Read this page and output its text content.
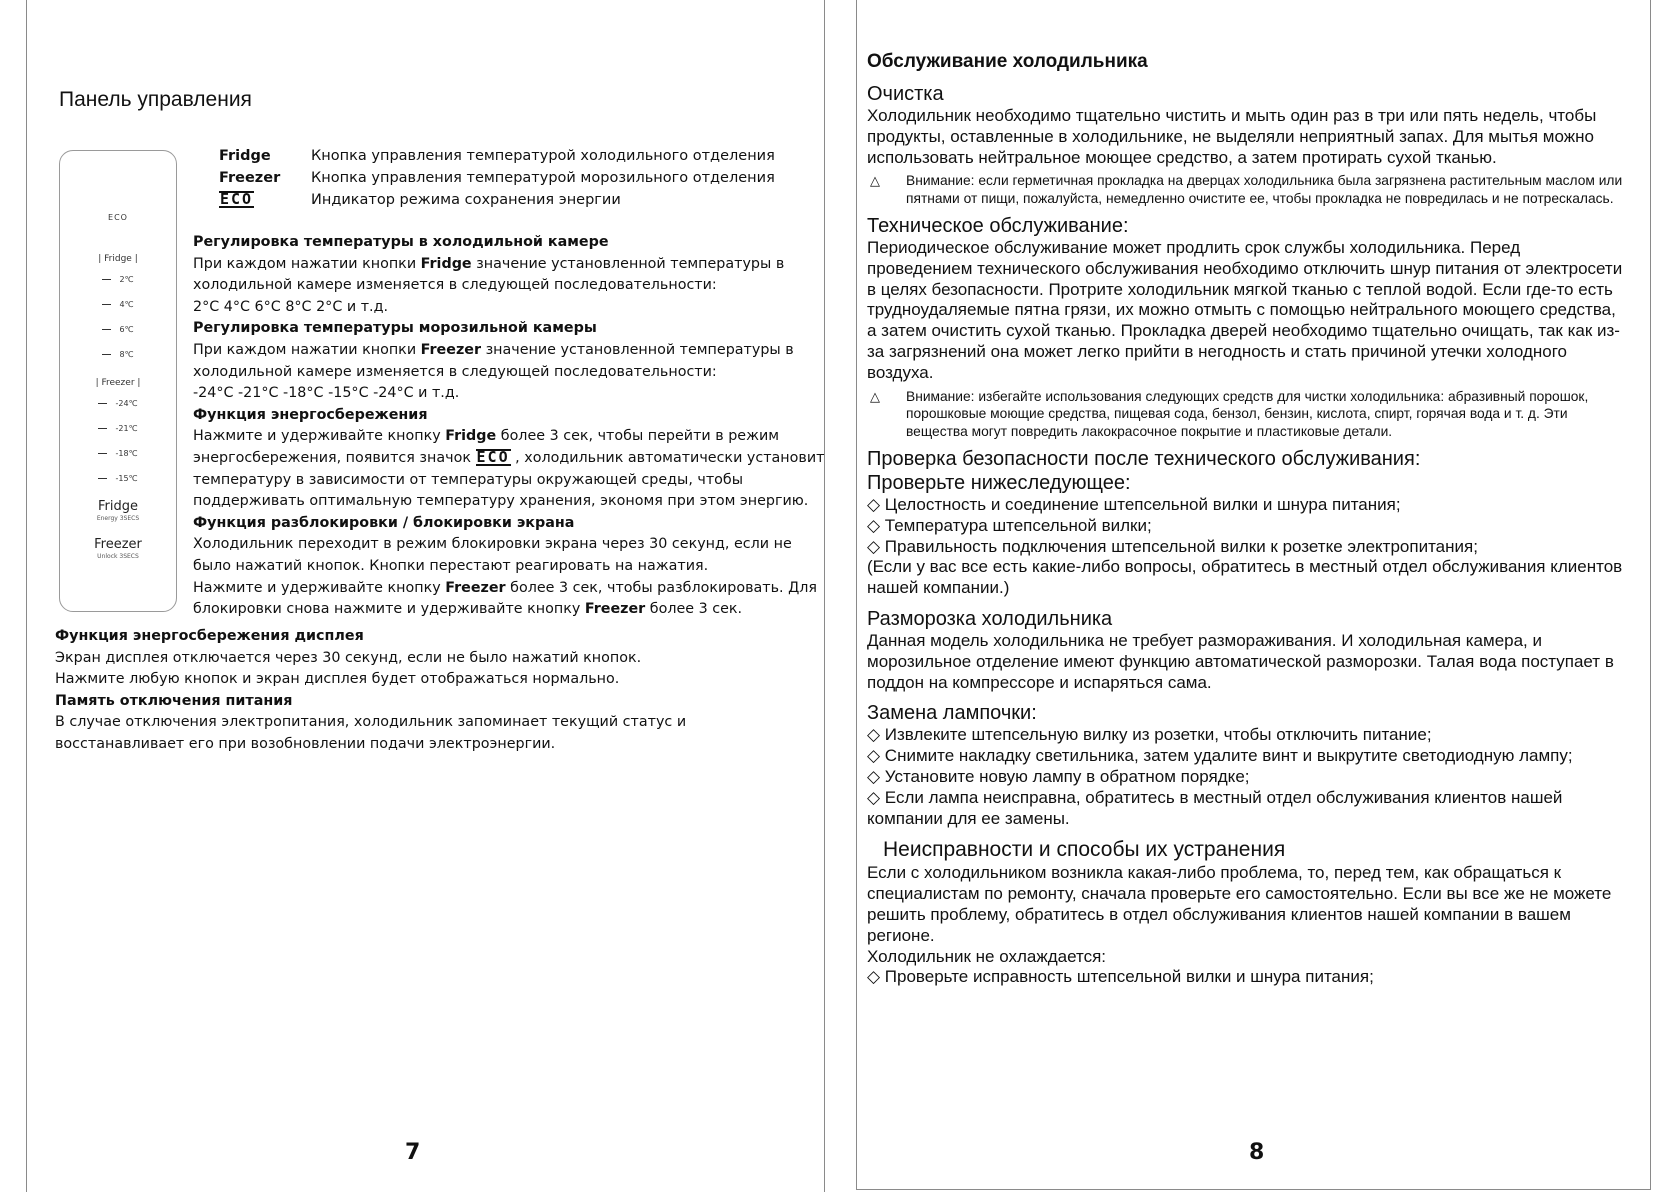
Панель управления
ECO
| Fridge |
2℃
4℃
6℃
8℃
| Freezer |
-24℃
-21℃
-18℃
-15℃
Fridge
Energy 3SECS
Freezer
Unlock 3SECS
Fridge	Кнопка управления температурой холодильного отделения
Freezer	Кнопка управления температурой морозильного отделения
ECO	Индикатор режима сохранения энергии

Регулировка температуры в холодильной камере

При каждом нажатии кнопки Fridge значение установленной температуры в холодильной камере изменяется в следующей последовательности:

2°C 4°C 6°C 8°C 2°C и т.д.

Регулировка температуры морозильной камеры

При каждом нажатии кнопки Freezer значение установленной температуры в холодильной камере изменяется в следующей последовательности:

-24°C -21°C -18°C -15°C -24°C и т.д.

Функция энергосбережения

Нажмите и удерживайте кнопку Fridge более 3 сек, чтобы перейти в режим энергосбережения, появится значок ECO , холодильник автоматически установит температуру в зависимости от температуры окружающей среды, чтобы поддерживать оптимальную температуру хранения, экономя при этом энергию.

Функция разблокировки / блокировки экрана

Холодильник переходит в режим блокировки экрана через 30 секунд, если не было нажатий кнопок. Кнопки перестают реагировать на нажатия.

Нажмите и удерживайте кнопку Freezer более 3 сек, чтобы разблокировать. Для блокировки снова нажмите и удерживайте кнопку Freezer более 3 сек.

Функция энергосбережения дисплея

Экран дисплея отключается через 30 секунд, если не было нажатий кнопок.

Нажмите любую кнопок и экран дисплея будет отображаться нормально.

Память отключения питания

В случае отключения электропитания, холодильник запоминает текущий статус и восстанавливает его при возобновлении подачи электроэнергии.

7

Обслуживание холодильника

Очистка

Холодильник необходимо тщательно чистить и мыть один раз в три или пять недель, чтобы продукты, оставленные в холодильнике, не выделяли неприятный запах. Для мытья можно использовать нейтральное моющее средство, а затем протирать сухой тканью.

△	Внимание: если герметичная прокладка на дверцах холодильника была загрязнена растительным маслом или пятнами от пищи, пожалуйста, немедленно очистите ее, чтобы прокладка не повредилась и не потрескалась.

Техническое обслуживание:

Периодическое обслуживание может продлить срок службы холодильника. Перед проведением технического обслуживания необходимо отключить шнур питания от электросети в целях безопасности. Протрите холодильник мягкой тканью с теплой водой. Если где-то есть трудноудаляемые пятна грязи, их можно отмыть с помощью нейтрального моющего средства, а затем очистить сухой тканью. Прокладка дверей необходимо тщательно очищать, так как из-за загрязнений она может легко прийти в негодность и стать причиной утечки холодного воздуха.

△	Внимание: избегайте использования следующих средств для чистки холодильника: абразивный порошок, порошковые моющие средства, пищевая сода, бензол, бензин, кислота, спирт, горячая вода и т. д. Эти вещества могут повредить лакокрасочное покрытие и пластиковые детали.

Проверка безопасности после технического обслуживания:

Проверьте нижеследующее:

◇ Целостность и соединение штепсельной вилки и шнура питания;

◇ Температура штепсельной вилки;

◇ Правильность подключения штепсельной вилки к розетке электропитания;

(Если у вас все есть какие-либо вопросы, обратитесь в местный отдел обслуживания клиентов нашей компании.)

Разморозка холодильника

Данная модель холодильника не требует размораживания. И холодильная камера, и морозильное отделение имеют функцию автоматической разморозки. Талая вода поступает в поддон на компрессоре и испаряться сама.

Замена лампочки:

◇ Извлеките штепсельную вилку из розетки, чтобы отключить питание;

◇ Снимите накладку светильника, затем удалите винт и выкрутите светодиодную лампу;

◇ Установите новую лампу в обратном порядке;

◇ Если лампа неисправна, обратитесь в местный отдел обслуживания клиентов нашей компании для ее замены.

Неисправности и способы их устранения

Если с холодильником возникла какая-либо проблема, то, перед тем, как обращаться к специалистам по ремонту, сначала проверьте его самостоятельно. Если вы все же не можете решить проблему, обратитесь в отдел обслуживания клиентов нашей компании в вашем регионе.

Холодильник не охлаждается:

◇ Проверьте исправность штепсельной вилки и шнура питания;

8
